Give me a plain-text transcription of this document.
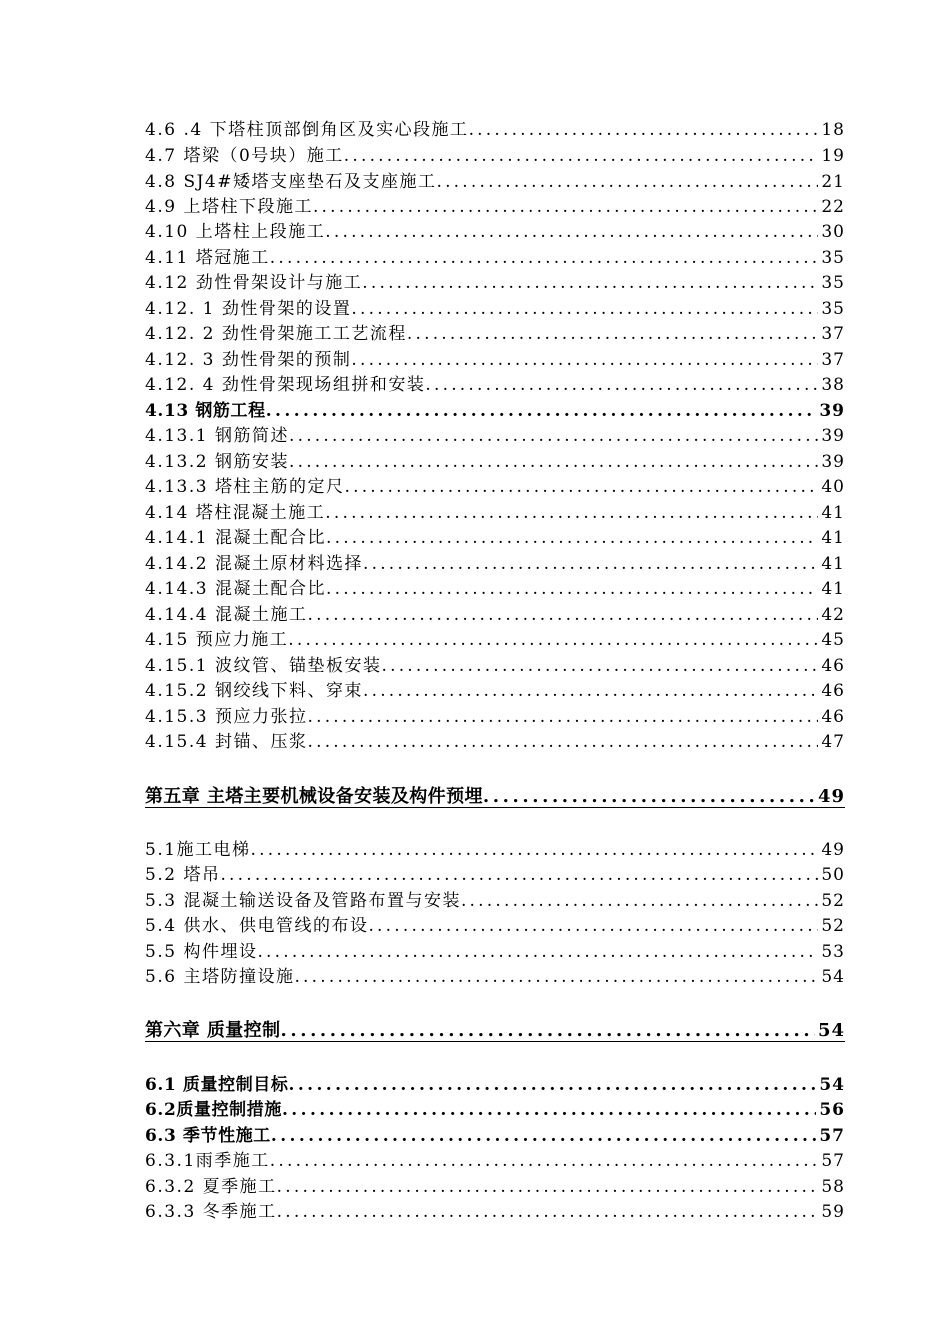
4.6 .4 下塔柱顶部倒角区及实心段施工 .....	18
4.7 塔梁（0号块）施工 .....	19
4.8 SJ4#矮塔支座垫石及支座施工 .....	21
4.9 上塔柱下段施工 .....	22
4.10 上塔柱上段施工 .....	30
4.11 塔冠施工 .....	35
4.12 劲性骨架设计与施工 .....	35
4.12. 1 劲性骨架的设置 .....	35
4.12. 2 劲性骨架施工工艺流程 .....	37
4.12. 3 劲性骨架的预制 .....	37
4.12. 4 劲性骨架现场组拼和安装 .....	38
4.13 钢筋工程 .....	39
4.13.1 钢筋简述 .....	39
4.13.2 钢筋安装 .....	39
4.13.3 塔柱主筋的定尺 .....	40
4.14 塔柱混凝土施工 .....	41
4.14.1 混凝土配合比 .....	41
4.14.2 混凝土原材料选择 .....	41
4.14.3 混凝土配合比 .....	41
4.14.4 混凝土施工 .....	42
4.15 预应力施工 .....	45
4.15.1 波纹管、锚垫板安装 .....	46
4.15.2 钢绞线下料、穿束 .....	46
4.15.3 预应力张拉 .....	46
4.15.4 封锚、压浆 .....	47
第五章 主塔主要机械设备安装及构件预埋 .....	49
5.1施工电梯 .....	49
5.2 塔吊 .....	50
5.3 混凝土输送设备及管路布置与安装 .....	52
5.4 供水、供电管线的布设 .....	52
5.5 构件埋设 .....	53
5.6 主塔防撞设施 .....	54
第六章 质量控制 .....	54
6.1 质量控制目标 .....	54
6.2质量控制措施 .....	56
6.3 季节性施工 .....	57
6.3.1雨季施工 .....	57
6.3.2 夏季施工 .....	58
6.3.3 冬季施工 .....	59
